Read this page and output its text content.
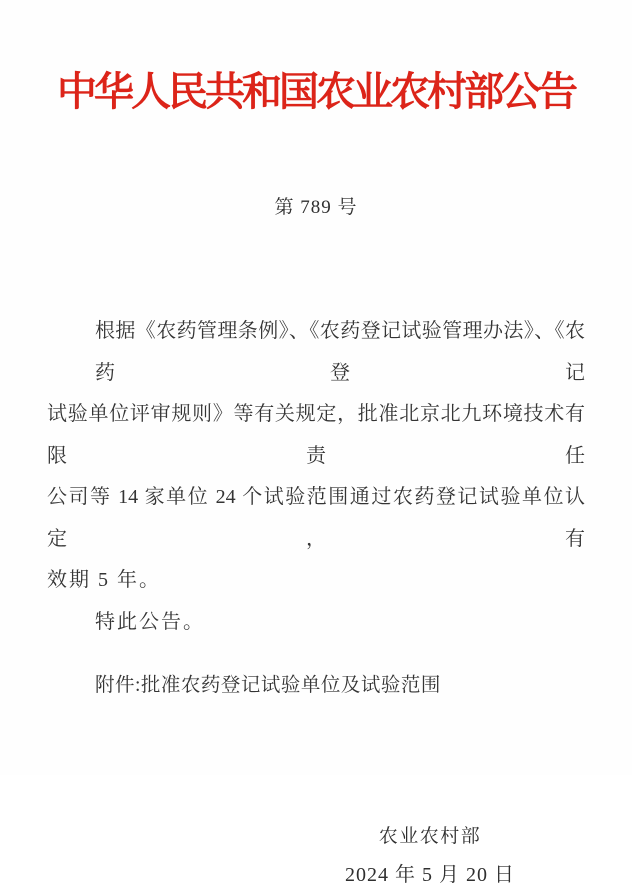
中华人民共和国农业农村部公告
第 789 号
根据《农药管理条例》、《农药登记试验管理办法》、《农药登记
试验单位评审规则》等有关规定，批准北京北九环境技术有限责任
公司等 14 家单位 24 个试验范围通过农药登记试验单位认定，有
效期 5 年。
特此公告。
附件:批准农药登记试验单位及试验范围
农业农村部
2024 年 5 月 20 日
